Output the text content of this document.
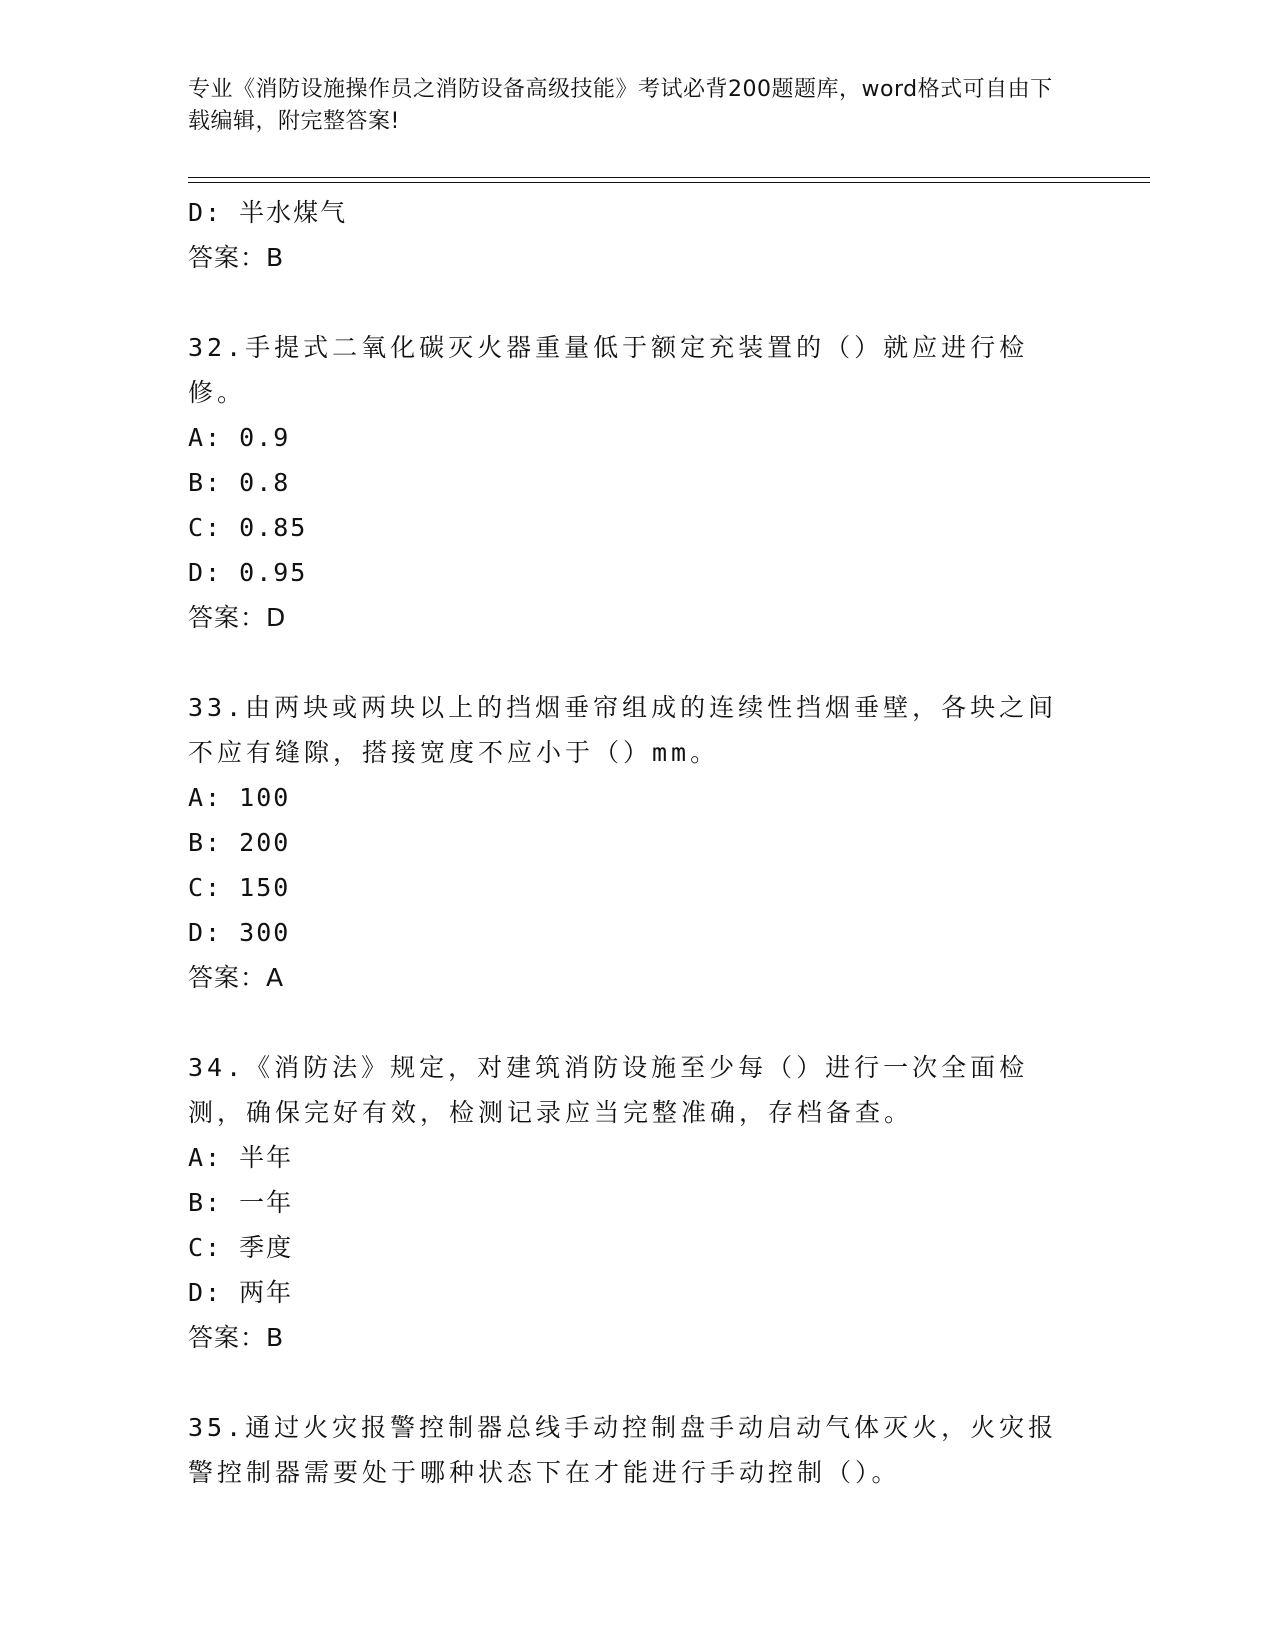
专业《消防设施操作员之消防设备高级技能》考试必背200题题库，word格式可自由下载编辑，附完整答案!
D: 半水煤气
答案：B
32.手提式二氧化碳灭火器重量低于额定充装置的（）就应进行检修。
A: 0.9
B: 0.8
C: 0.85
D: 0.95
答案：D
33.由两块或两块以上的挡烟垂帘组成的连续性挡烟垂壁，各块之间不应有缝隙，搭接宽度不应小于（）mm。
A: 100
B: 200
C: 150
D: 300
答案：A
34.《消防法》规定，对建筑消防设施至少每（）进行一次全面检测，确保完好有效，检测记录应当完整准确，存档备查。
A: 半年
B: 一年
C: 季度
D: 两年
答案：B
35.通过火灾报警控制器总线手动控制盘手动启动气体灭火，火灾报警控制器需要处于哪种状态下在才能进行手动控制（）。
